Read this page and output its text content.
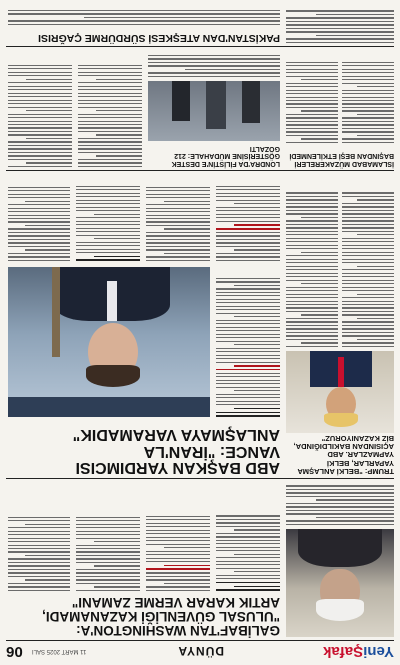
YeniŞafak
DÜNYA
11 MART 2025 SALI
06
GALİBAF'TAN WASHINGTON'A:
"ULUSAL GÜVENLİĞİ KAZANAMADI,
ARTIK KARAR VERME ZAMANI"
TRUMP: "BELKİ ANLAŞMA YAPARLAR, BELKİ YAPMAZLAR. ABD AÇISINDAN BAKILDIĞINDA, BİZ KAZANIYORUZ"
ABD BAŞKAN YARDIMCISI
VANCE: "İRAN'LA
ANLAŞMAYA VARAMADIK"
İSLAMABAD MÜZAKERELERİ BAŞINDAN BEŞİ ETKİLENMEDİ
LONDRA'DA FİLİSTİN'E DESTEK GÖSTERİSİNE MÜDAHALE: 212 GÖZALTI
PAKİSTAN'DAN ATEŞKESİ SÜRDÜRME ÇAĞRISI
